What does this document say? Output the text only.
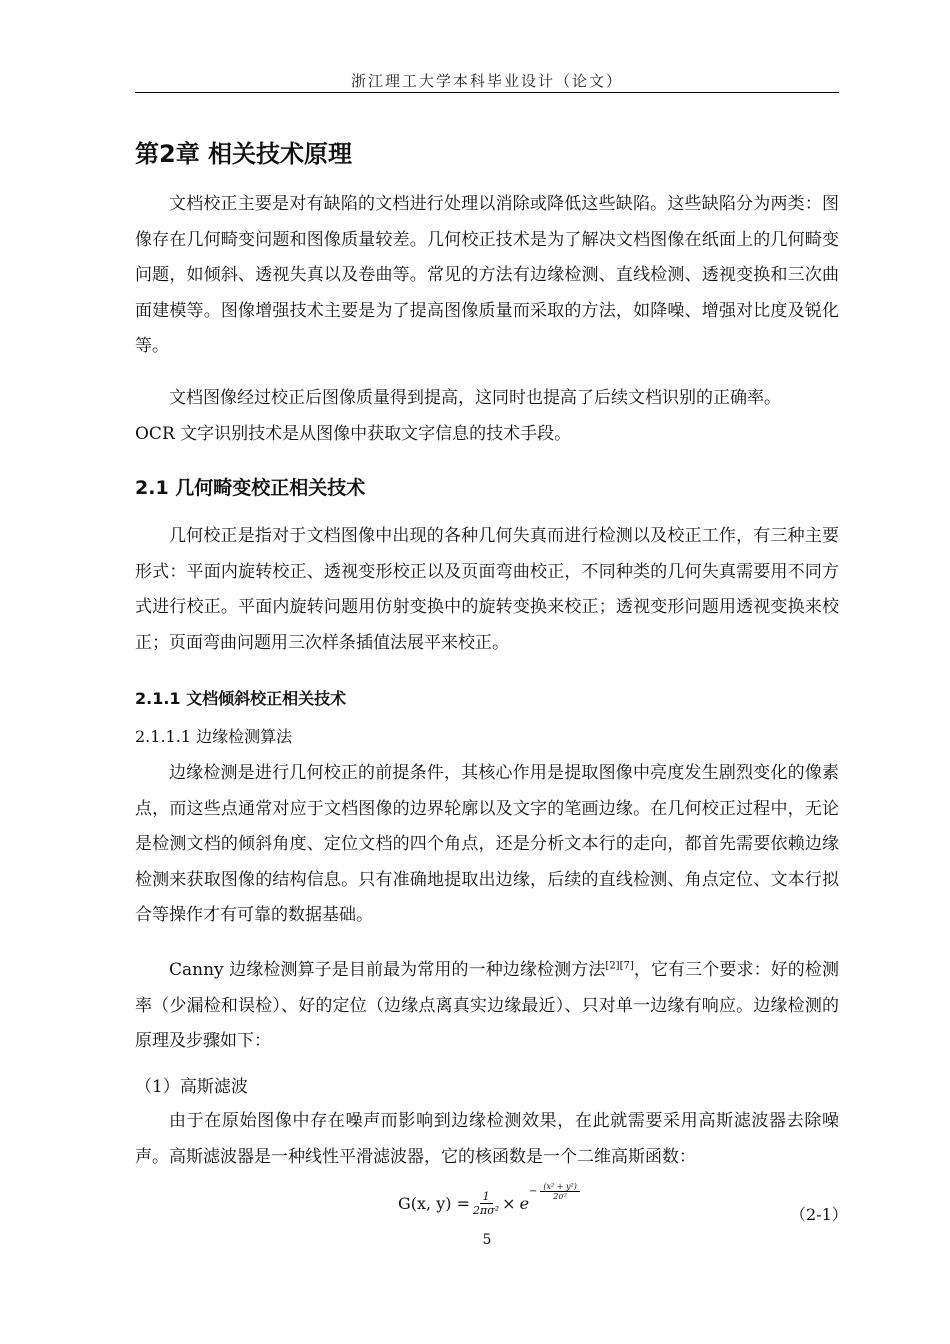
浙江理工大学本科毕业设计（论文）
第2章 相关技术原理

文档校正主要是对有缺陷的文档进行处理以消除或降低这些缺陷。这些缺陷分为两类：图像存在几何畸变问题和图像质量较差。几何校正技术是为了解决文档图像在纸面上的几何畸变问题，如倾斜、透视失真以及卷曲等。常见的方法有边缘检测、直线检测、透视变换和三次曲面建模等。图像增强技术主要是为了提高图像质量而采取的方法，如降噪、增强对比度及锐化等。

文档图像经过校正后图像质量得到提高，这同时也提高了后续文档识别的正确率。

OCR 文字识别技术是从图像中获取文字信息的技术手段。

2.1 几何畸变校正相关技术

几何校正是指对于文档图像中出现的各种几何失真而进行检测以及校正工作，有三种主要形式：平面内旋转校正、透视变形校正以及页面弯曲校正，不同种类的几何失真需要用不同方式进行校正。平面内旋转问题用仿射变换中的旋转变换来校正；透视变形问题用透视变换来校正；页面弯曲问题用三次样条插值法展平来校正。

2.1.1 文档倾斜校正相关技术
2.1.1.1 边缘检测算法

边缘检测是进行几何校正的前提条件，其核心作用是提取图像中亮度发生剧烈变化的像素点，而这些点通常对应于文档图像的边界轮廓以及文字的笔画边缘。在几何校正过程中，无论是检测文档的倾斜角度、定位文档的四个角点，还是分析文本行的走向，都首先需要依赖边缘检测来获取图像的结构信息。只有准确地提取出边缘，后续的直线检测、角点定位、文本行拟合等操作才有可靠的数据基础。

Canny 边缘检测算子是目前最为常用的一种边缘检测方法[2][7]，它有三个要求：好的检测率（少漏检和误检）、好的定位（边缘点离真实边缘最近）、只对单一边缘有响应。边缘检测的原理及步骤如下：

（1）高斯滤波

由于在原始图像中存在噪声而影响到边缘检测效果，在此就需要采用高斯滤波器去除噪声。高斯滤波器是一种线性平滑滤波器，它的核函数是一个二维高斯函数：

G(x, $y) = \frac{1}{\text{2πσ²}} \times e$
− $\frac{\text{(x² + y²)}}{\text{2σ²}}$
（2-1）
5
